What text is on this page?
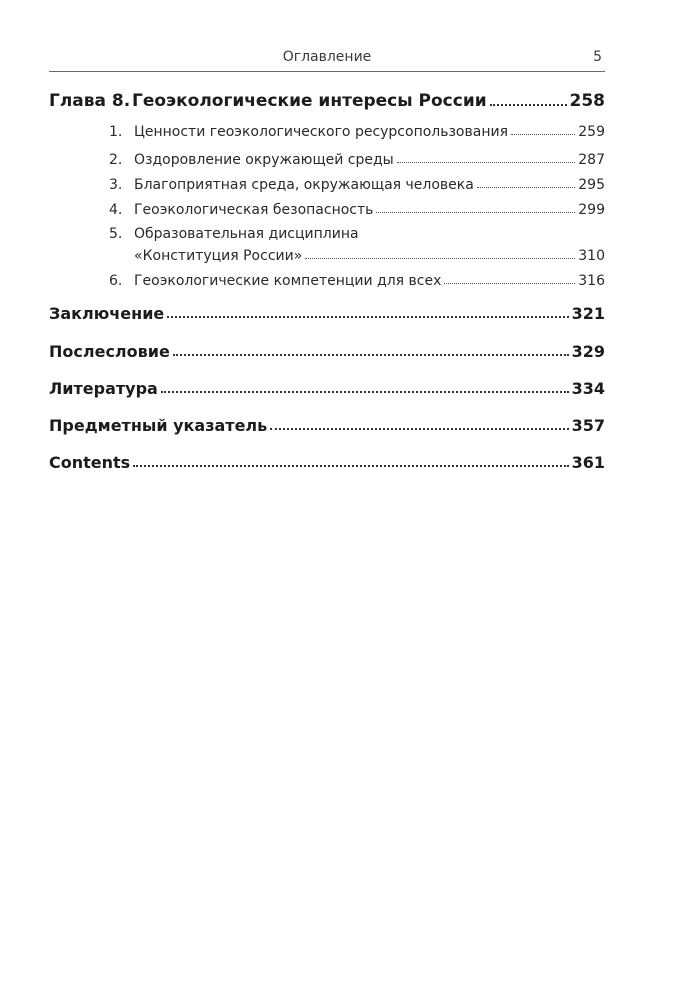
Оглавление	5
Глава 8. Геоэкологические интересы России	258
1. Ценности геоэкологического ресурсопользования	259
2. Оздоровление окружающей среды	287
3. Благоприятная среда, окружающая человека	295
4. Геоэкологическая безопасность	299
5. Образовательная дисциплина
«Конституция России»	310
6. Геоэкологические компетенции для всех	316
Заключение	321
Послесловие	329
Литература	334
Предметный указатель	357
Contents	361
